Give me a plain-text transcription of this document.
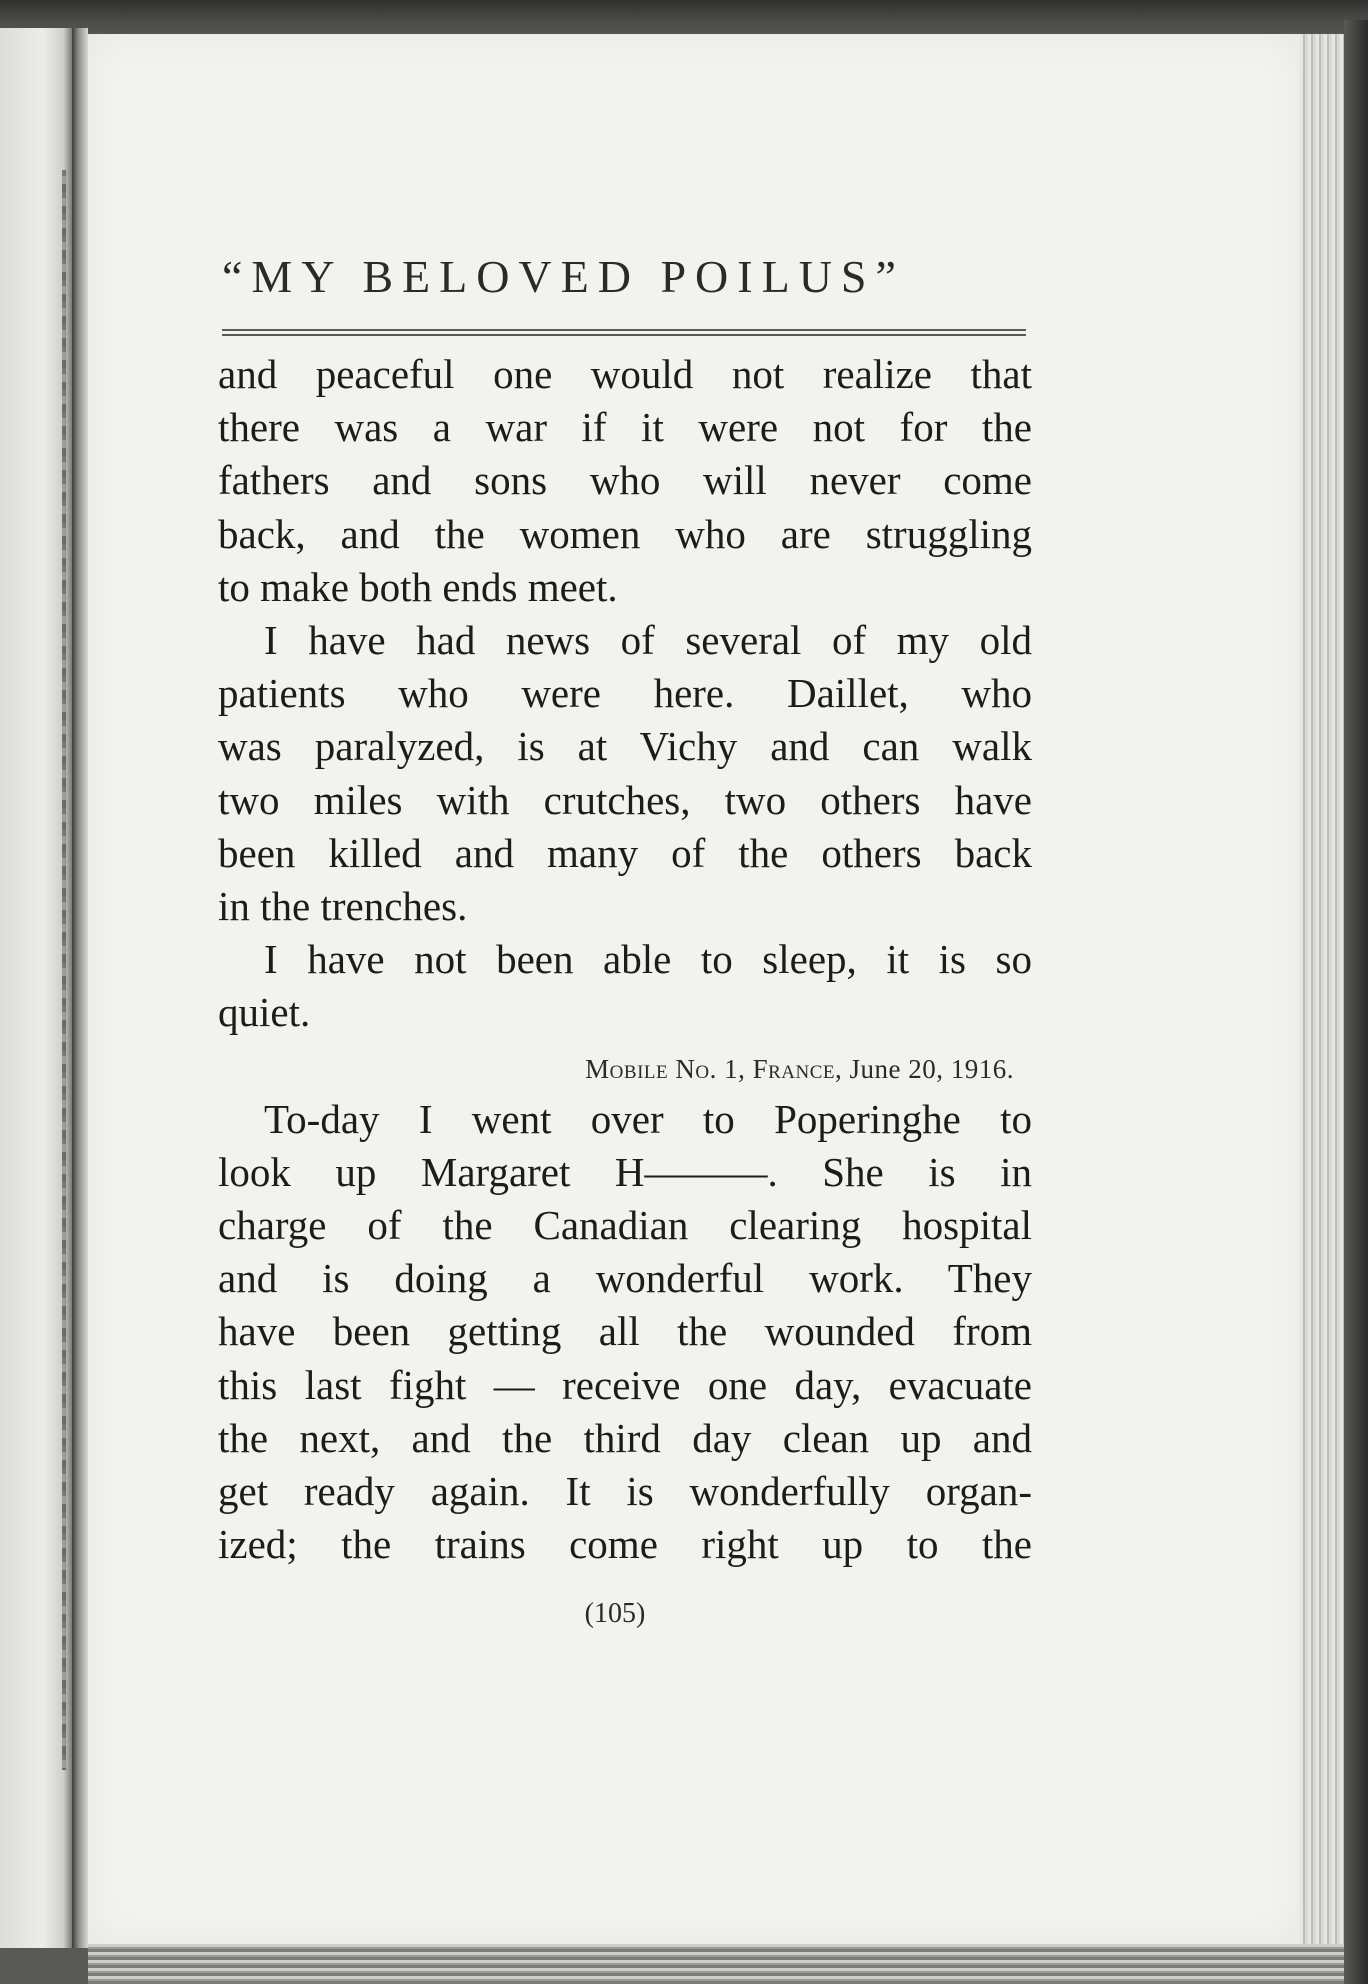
“MY BELOVED POILUS”
and peaceful one would not realize that
there was a war if it were not for the
fathers and sons who will never come
back, and the women who are struggling
to make both ends meet.
I have had news of several of my old
patients who were here. Daillet, who
was paralyzed, is at Vichy and can walk
two miles with crutches, two others have
been killed and many of the others back
in the trenches.
I have not been able to sleep, it is so
quiet.
Mobile No. 1, France, June 20, 1916.
To-day I went over to Poperinghe to
look up Margaret H———. She is in
charge of the Canadian clearing hospital
and is doing a wonderful work. They
have been getting all the wounded from
this last fight — receive one day, evacuate
the next, and the third day clean up and
get ready again. It is wonderfully organ-
ized; the trains come right up to the
(105)
